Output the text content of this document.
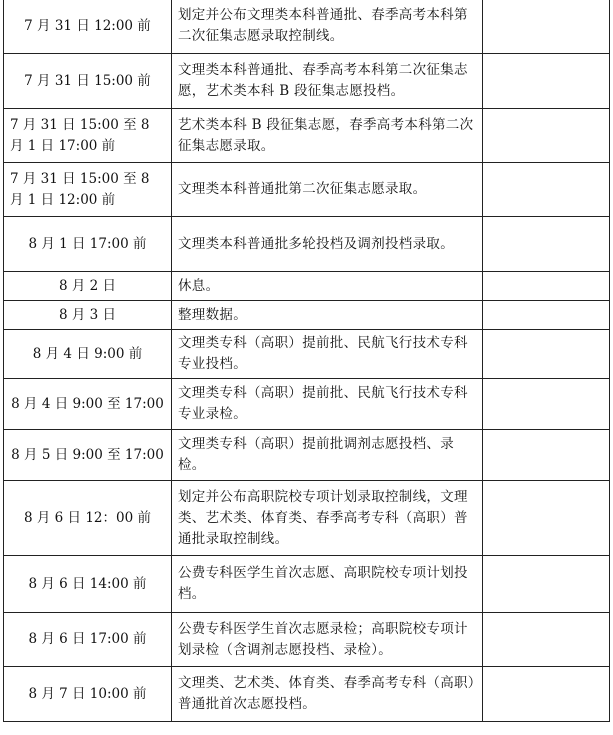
7 月 31 日 12:00 前	划定并公布文理类本科普通批、春季高考本科第二次征集志愿录取控制线。	
7 月 31 日 15:00 前	文理类本科普通批、春季高考本科第二次征集志愿，艺术类本科 B 段征集志愿投档。	
7 月 31 日 15:00 至 8 月 1 日 17:00 前	艺术类本科 B 段征集志愿，春季高考本科第二次征集志愿录取。	
7 月 31 日 15:00 至 8 月 1 日 12:00 前	文理类本科普通批第二次征集志愿录取。	
8 月 1 日 17:00 前	文理类本科普通批多轮投档及调剂投档录取。	
8 月 2 日	休息。	
8 月 3 日	整理数据。	
8 月 4 日 9:00 前	文理类专科（高职）提前批、民航飞行技术专科专业投档。	
8 月 4 日 9:00 至 17:00	文理类专科（高职）提前批、民航飞行技术专科专业录检。	
8 月 5 日 9:00 至 17:00	文理类专科（高职）提前批调剂志愿投档、录检。	
8 月 6 日 12：00 前	划定并公布高职院校专项计划录取控制线，文理类、艺术类、体育类、春季高考专科（高职）普通批录取控制线。	
8 月 6 日 14:00 前	公费专科医学生首次志愿、高职院校专项计划投档。	
8 月 6 日 17:00 前	公费专科医学生首次志愿录检；高职院校专项计划录检（含调剂志愿投档、录检）。	
8 月 7 日 10:00 前	文理类、艺术类、体育类、春季高考专科（高职）普通批首次志愿投档。	
